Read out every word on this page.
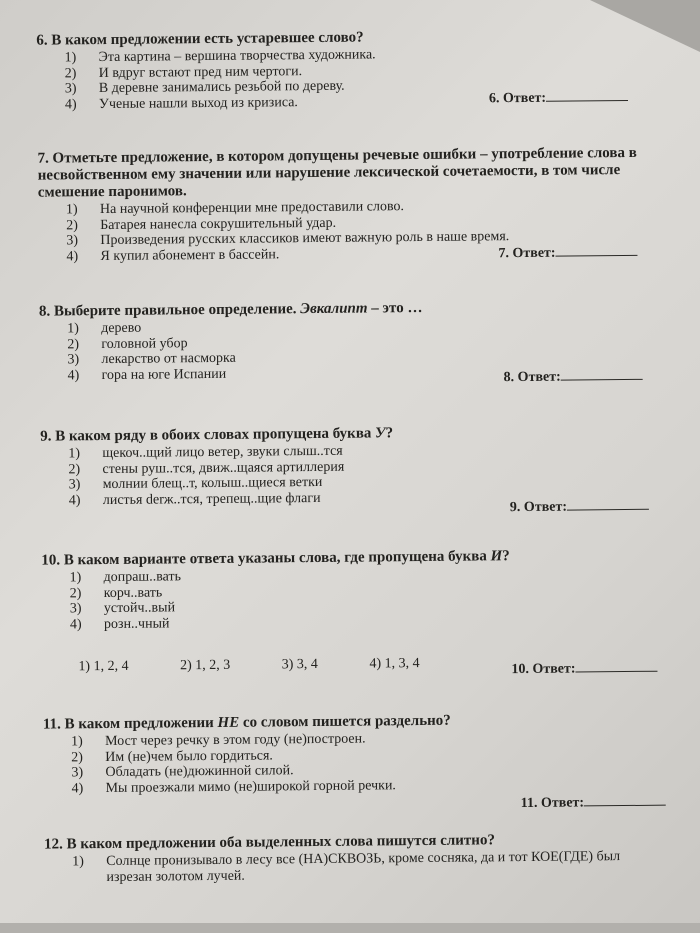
6. В каком предложении есть устаревшее слово?
1)	Эта картина – вершина творчества художника.
2)	И вдруг встают пред ним чертоги.
3)	В деревне занимались резьбой по дереву.
4)	Ученые нашли выход из кризиса.	6. Ответ:
7. Отметьте предложение, в котором допущены речевые ошибки – употребление слова в несвойственном ему значении или нарушение лексической сочетаемости, в том числе смешение паронимов.
1)	На научной конференции мне предоставили слово.
2)	Батарея нанесла сокрушительный удар.
3)	Произведения русских классиков имеют важную роль в наше время.
4)	Я купил абонемент в бассейн.	7. Ответ:
8. Выберите правильное определение. Эвкалипт – это …
1)	дерево
2)	головной убор
3)	лекарство от насморка
4)	гора на юге Испании	8. Ответ:
9. В каком ряду в обоих словах пропущена буква У?
1)	щекоч..щий лицо ветер, звуки слыш..тся
2)	стены руш..тся, движ..щаяся артиллерия
3)	молнии блещ..т, колыш..щиеся ветки
4)	листья derж..тся, трепещ..щие флаги	9. Ответ:
10. В каком варианте ответа указаны слова, где пропущена буква И?
1)	допраш..вать
2)	корч..вать
3)	устойч..вый
4)	розн..чный
1) 1, 2, 4	2) 1, 2, 3	3) 3, 4	4) 1, 3, 4	10. Ответ:
11. В каком предложении НЕ со словом пишется раздельно?
1)	Мост через речку в этом году (не)построен.
2)	Им (не)чем было гордиться.
3)	Обладать (не)дюжинной силой.
4)	Мы проезжали мимо (не)широкой горной речки.
11. Ответ:
12. В каком предложении оба выделенных слова пишутся слитно?
1)	Солнце пронизывало в лесу все (НА)СКВОЗЬ, кроме сосняка, да и тот КОЕ(ГДЕ) был изрезан золотом лучей.
